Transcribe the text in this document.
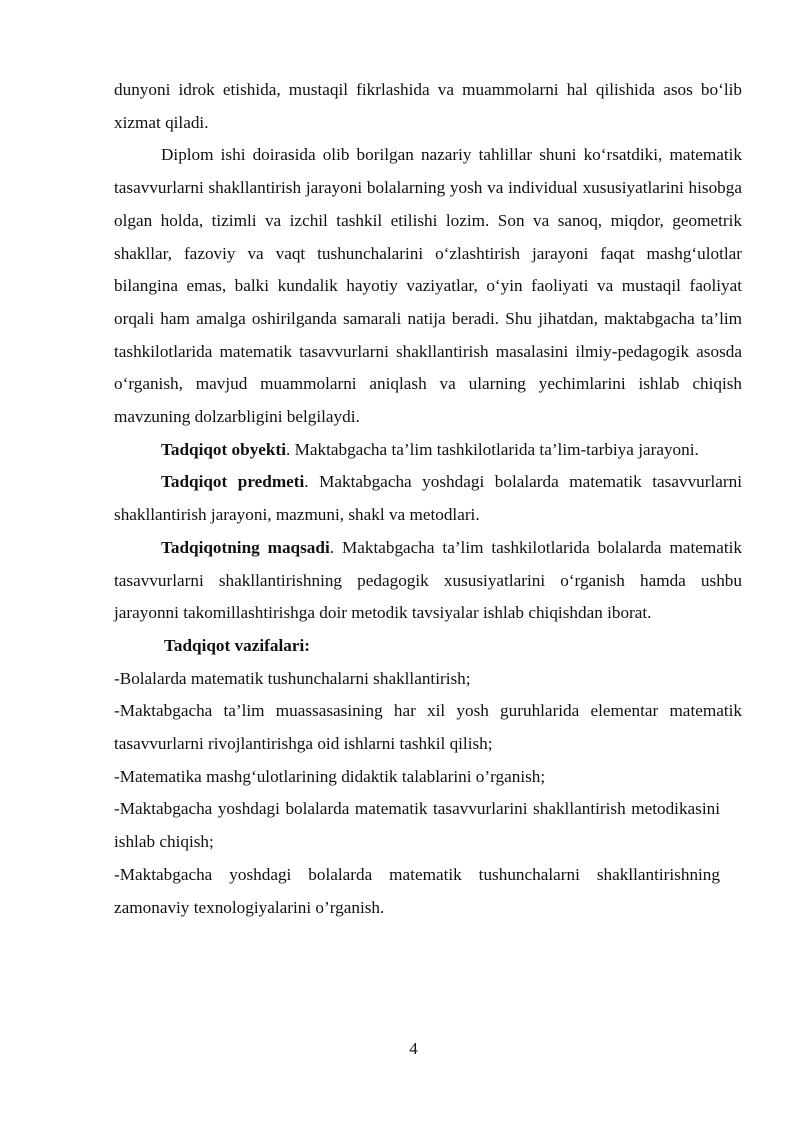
dunyoni idrok etishida, mustaqil fikrlashida va muammolarni hal qilishida asos bo‘lib xizmat qiladi.

Diplom ishi doirasida olib borilgan nazariy tahlillar shuni ko‘rsatdiki, matematik tasavvurlarni shakllantirish jarayoni bolalarning yosh va individual xususiyatlarini hisobga olgan holda, tizimli va izchil tashkil etilishi lozim. Son va sanoq, miqdor, geometrik shakllar, fazoviy va vaqt tushunchalarini o‘zlashtirish jarayoni faqat mashg‘ulotlar bilangina emas, balki kundalik hayotiy vaziyatlar, o‘yin faoliyati va mustaqil faoliyat orqali ham amalga oshirilganda samarali natija beradi. Shu jihatdan, maktabgacha ta’lim tashkilotlarida matematik tasavvurlarni shakllantirish masalasini ilmiy-pedagogik asosda o‘rganish, mavjud muammolarni aniqlash va ularning yechimlarini ishlab chiqish mavzuning dolzarbligini belgilaydi.

Tadqiqot obyekti. Maktabgacha ta’lim tashkilotlarida ta’lim-tarbiya jarayoni.

Tadqiqot predmeti. Maktabgacha yoshdagi bolalarda matematik tasavvurlarni shakllantirish jarayoni, mazmuni, shakl va metodlari.

Tadqiqotning maqsadi. Maktabgacha ta’lim tashkilotlarida bolalarda matematik tasavvurlarni shakllantirishning pedagogik xususiyatlarini o‘rganish hamda ushbu jarayonni takomillashtirishga doir metodik tavsiyalar ishlab chiqishdan iborat.

Tadqiqot vazifalari:

-Bolalarda matematik tushunchalarni shakllantirish;

-Maktabgacha ta’lim muassasasining har xil yosh guruhlarida elementar matematik tasavvurlarni rivojlantirishga oid ishlarni tashkil qilish;

-Matematika mashg‘ulotlarining didaktik talablarini o’rganish;

-Maktabgacha yoshdagi bolalarda matematik tasavvurlarini shakllantirish metodikasini ishlab chiqish;

-Maktabgacha yoshdagi bolalarda matematik tushunchalarni shakllantirishning zamonaviy texnologiyalarini o’rganish.

4
